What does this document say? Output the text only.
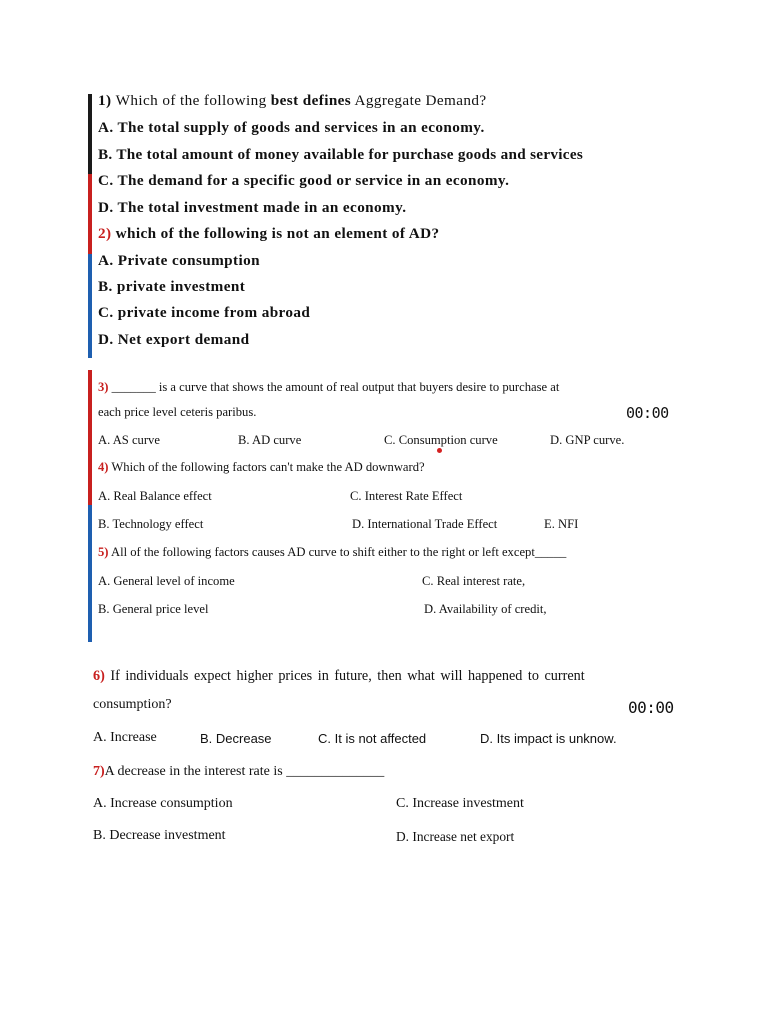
1) Which of the following best defines Aggregate Demand?
A. The total supply of goods and services in an economy.
B. The total amount of money available for purchase goods and services
C. The demand for a specific good or service in an economy.
D. The total investment made in an economy.
2) which of the following is not an element of AD?
A. Private consumption
B. private investment
C. private income from abroad
D. Net export demand
3) _______ is a curve that shows the amount of real output that buyers desire to purchase at
each price level ceteris paribus.	00:00
A. AS curve	B. AD curve	C. Consumption curve	D. GNP curve.
4) Which of the following factors can't make the AD downward?
A. Real Balance effect	C. Interest Rate Effect
B. Technology effect	D. International Trade Effect	E. NFI
5) All of the following factors causes AD curve to shift either to the right or left except_____
A. General level of income	C. Real interest rate,
B. General price level	D. Availability of credit,
6) If individuals expect higher prices in future, then what will happened to current
consumption?	00:00
A. Increase	B. Decrease	C. It is not affected	D. Its impact is unknow.
7)A decrease in the interest rate is ______________
A. Increase consumption	C. Increase investment
B. Decrease investment	D. Increase net export
